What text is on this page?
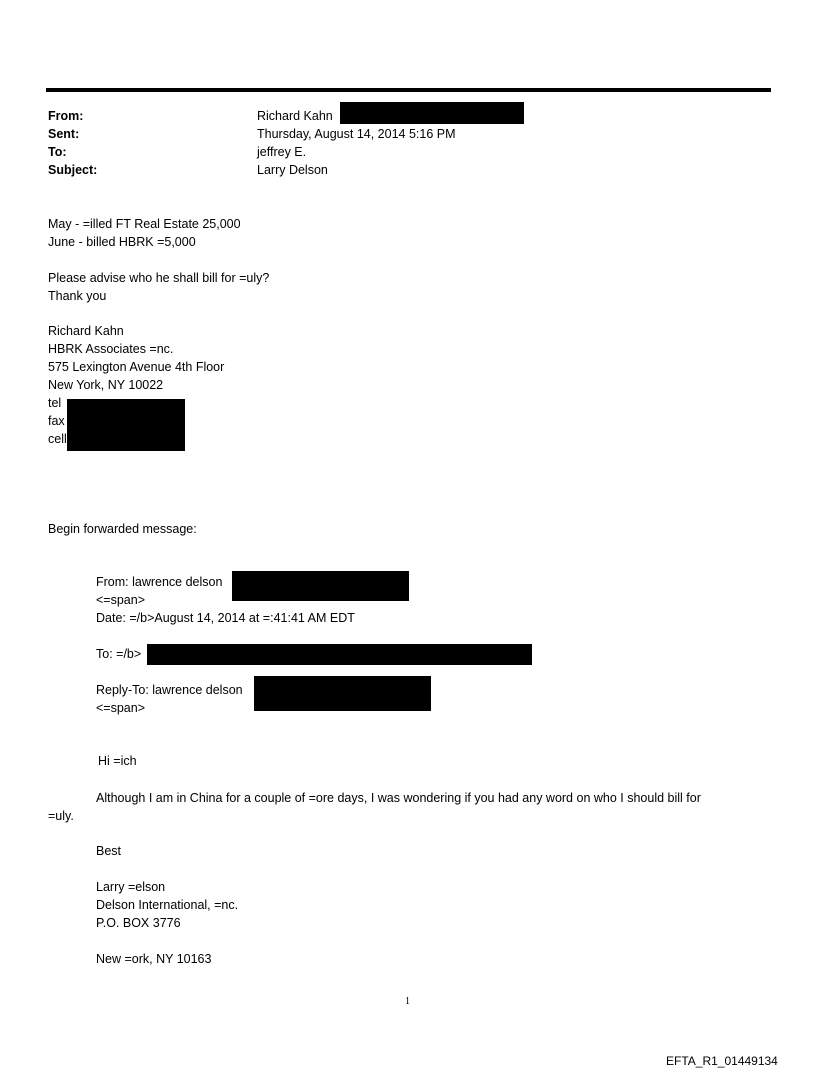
From:
Sent:
To:
Subject:
Richard Kahn
Thursday, August 14, 2014 5:16 PM
jeffrey E.
Larry Delson
May - =illed FT Real Estate 25,000
June - billed HBRK =5,000
Please advise who he shall bill for =uly?
Thank you
Richard Kahn
HBRK Associates =nc.
575 Lexington Avenue 4th Floor
New York, NY 10022
tel
fax
cell
Begin forwarded message:
From: lawrence delson
<=span>
Date: =/b>August 14, 2014 at =:41:41 AM EDT
To: =/b>
Reply-To: lawrence delson
<=span>
Hi =ich
Although I am in China for a couple of =ore days, I was wondering if you had any word on who I should bill for
=uly.
Best
Larry =elson
Delson International, =nc.
P.O. BOX 3776
New =ork, NY 10163
1
EFTA_R1_01449134
